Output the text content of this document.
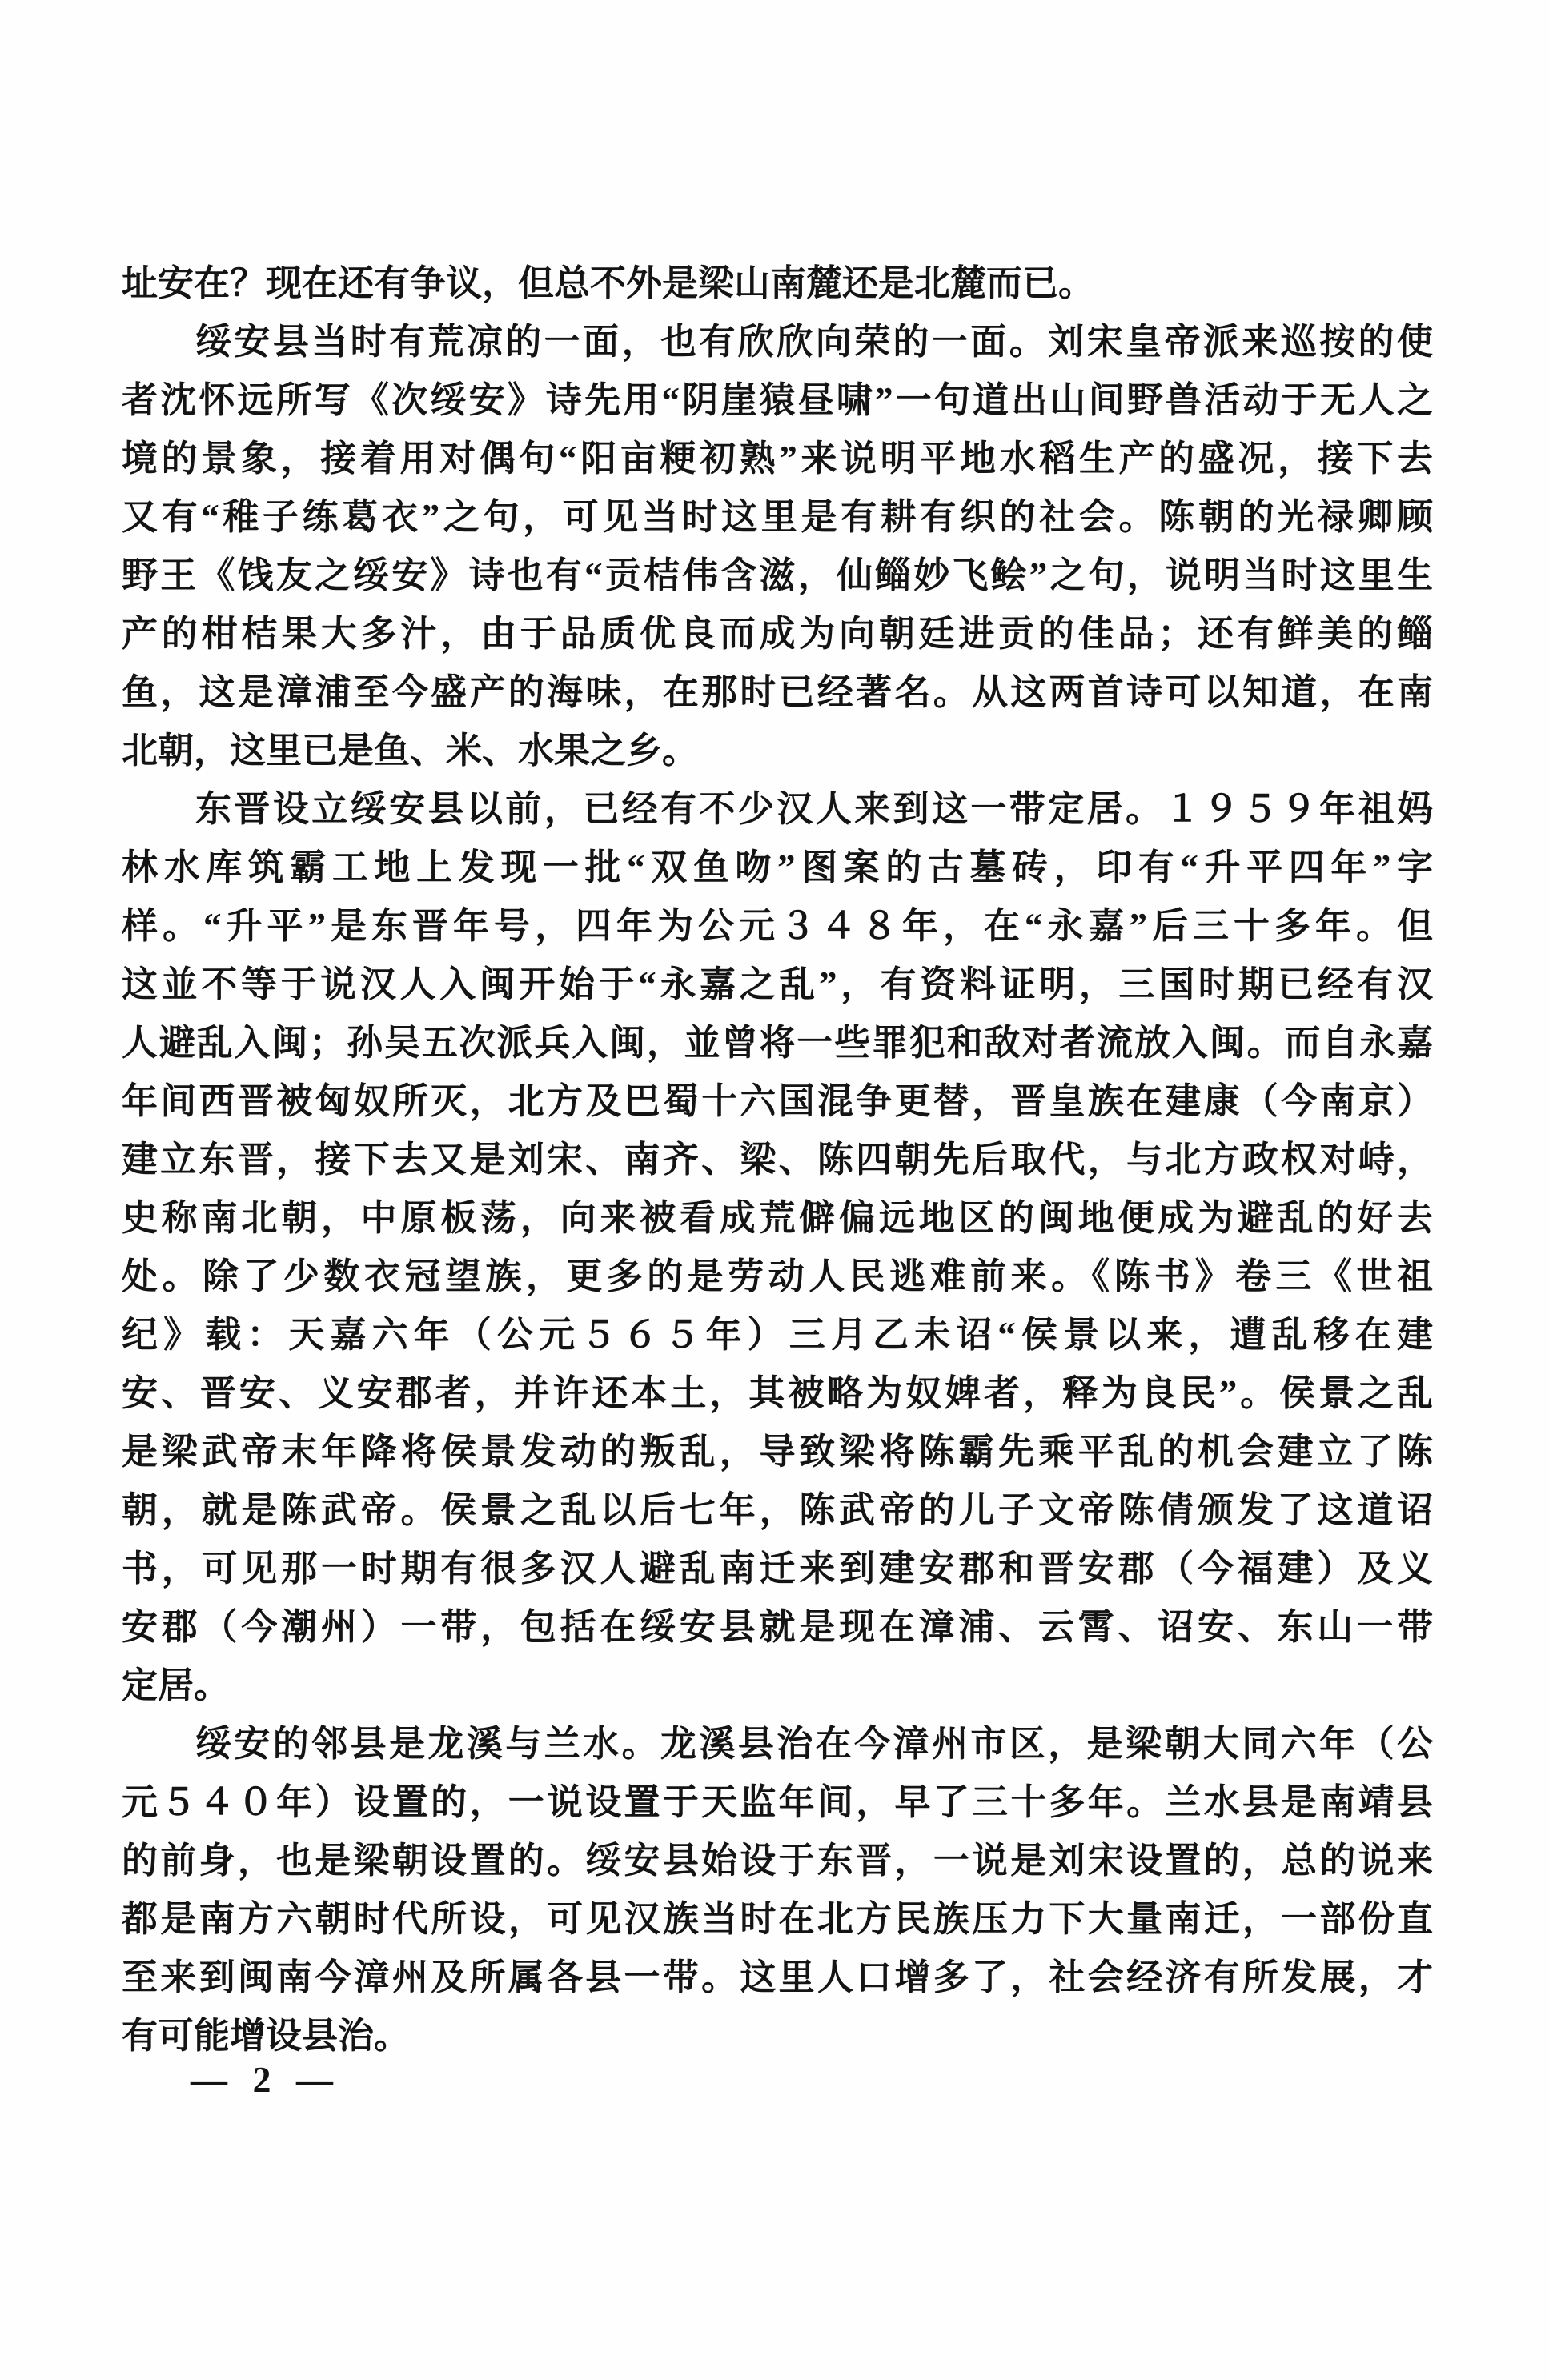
址安在？现在还有争议，但总不外是梁山南麓还是北麓而已。
绥安县当时有荒凉的一面，也有欣欣向荣的一面。刘宋皇帝派来巡按的使
者沈怀远所写《次绥安》诗先用“阴崖猿昼啸”一句道出山间野兽活动于无人之
境的景象，接着用对偶句“阳亩粳初熟”来说明平地水稻生产的盛况，接下去
又有“稚子练葛衣”之句，可见当时这里是有耕有织的社会。陈朝的光禄卿顾
野王《饯友之绥安》诗也有“贡桔伟含滋，仙鲻妙飞鲙”之句，说明当时这里生
产的柑桔果大多汁，由于品质优良而成为向朝廷进贡的佳品；还有鲜美的鲻
鱼，这是漳浦至今盛产的海味，在那时已经著名。从这两首诗可以知道，在南
北朝，这里已是鱼、米、水果之乡。
东晋设立绥安县以前，已经有不少汉人来到这一带定居。１９５９年祖妈
林水库筑霸工地上发现一批“双鱼吻”图案的古墓砖，印有“升平四年”字
样。“升平”是东晋年号，四年为公元３４８年，在“永嘉”后三十多年。但
这並不等于说汉人入闽开始于“永嘉之乱”，有资料证明，三国时期已经有汉
人避乱入闽；孙吴五次派兵入闽，並曾将一些罪犯和敌对者流放入闽。而自永嘉
年间西晋被匈奴所灭，北方及巴蜀十六国混争更替，晋皇族在建康（今南京）
建立东晋，接下去又是刘宋、南齐、梁、陈四朝先后取代，与北方政权对峙，
史称南北朝，中原板荡，向来被看成荒僻偏远地区的闽地便成为避乱的好去
处。除了少数衣冠望族，更多的是劳动人民逃难前来。《陈书》卷三《世祖
纪》载：天嘉六年（公元５６５年）三月乙未诏“侯景以来，遭乱移在建
安、晋安、义安郡者，并许还本土，其被略为奴婢者，释为良民”。侯景之乱
是梁武帝末年降将侯景发动的叛乱，导致梁将陈霸先乘平乱的机会建立了陈
朝，就是陈武帝。侯景之乱以后七年，陈武帝的儿子文帝陈倩颁发了这道诏
书，可见那一时期有很多汉人避乱南迁来到建安郡和晋安郡（今福建）及义
安郡（今潮州）一带，包括在绥安县就是现在漳浦、云霄、诏安、东山一带
定居。
绥安的邻县是龙溪与兰水。龙溪县治在今漳州市区，是梁朝大同六年（公
元５４０年）设置的，一说设置于天监年间，早了三十多年。兰水县是南靖县
的前身，也是梁朝设置的。绥安县始设于东晋，一说是刘宋设置的，总的说来
都是南方六朝时代所设，可见汉族当时在北方民族压力下大量南迁，一部份直
至来到闽南今漳州及所属各县一带。这里人口增多了，社会经济有所发展，才
有可能增设县治。
— 2 —
